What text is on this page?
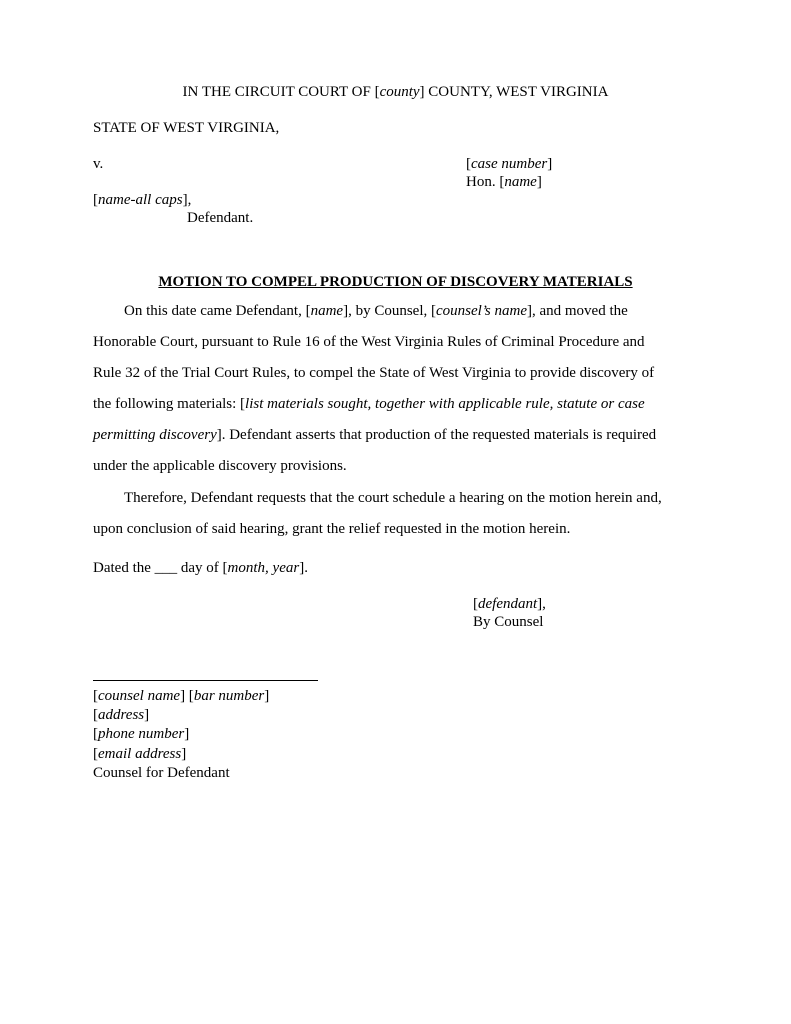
IN THE CIRCUIT COURT OF [county] COUNTY, WEST VIRGINIA
STATE OF WEST VIRGINIA,
v.	[case number]
Hon. [name]
[name-all caps],
Defendant.
MOTION TO COMPEL PRODUCTION OF DISCOVERY MATERIALS
On this date came Defendant, [name], by Counsel, [counsel’s name], and moved the
Honorable Court, pursuant to Rule 16 of the West Virginia Rules of Criminal Procedure and
Rule 32 of the Trial Court Rules, to compel the State of West Virginia to provide discovery of
the following materials: [list materials sought, together with applicable rule, statute or case
permitting discovery]. Defendant asserts that production of the requested materials is required
under the applicable discovery provisions.
Therefore, Defendant requests that the court schedule a hearing on the motion herein and,
upon conclusion of said hearing, grant the relief requested in the motion herein.
Dated the ___ day of [month, year].
[defendant],
By Counsel
[counsel name] [bar number]
[address]
[phone number]
[email address]
Counsel for Defendant
